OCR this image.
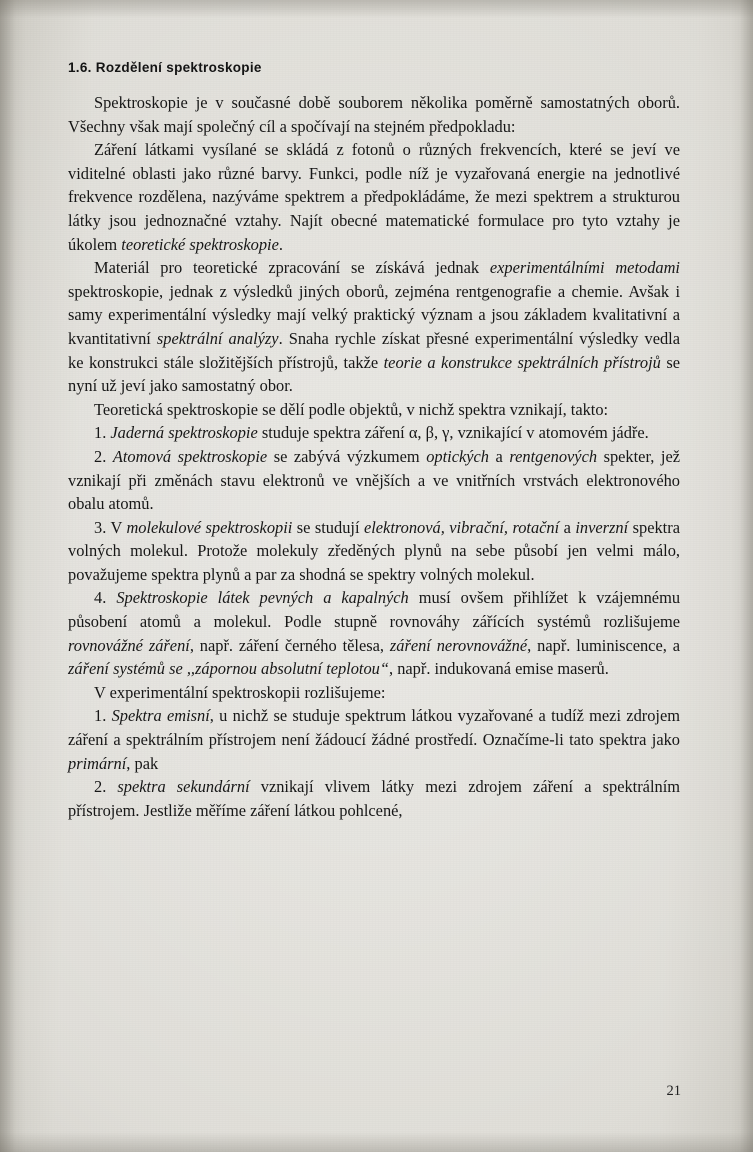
1.6. Rozdělení spektroskopie

Spektroskopie je v současné době souborem několika poměrně samostatných oborů. Všechny však mají společný cíl a spočívají na stejném předpokladu:

Záření látkami vysílané se skládá z fotonů o různých frekvencích, které se jeví ve viditelné oblasti jako různé barvy. Funkci, podle níž je vyzařovaná energie na jednotlivé frekvence rozdělena, nazýváme spektrem a předpokládáme, že mezi spektrem a strukturou látky jsou jednoznačné vztahy. Najít obecné matematické formulace pro tyto vztahy je úkolem teoretické spektroskopie.

Materiál pro teoretické zpracování se získává jednak experimentálními metodami spektroskopie, jednak z výsledků jiných oborů, zejména rentgenografie a chemie. Avšak i samy experimentální výsledky mají velký praktický význam a jsou základem kvalitativní a kvantitativní spektrální analýzy. Snaha rychle získat přesné experimentální výsledky vedla ke konstrukci stále složitějších přístrojů, takže teorie a konstrukce spektrálních přístrojů se nyní už jeví jako samostatný obor.

Teoretická spektroskopie se dělí podle objektů, v nichž spektra vznikají, takto:

1. Jaderná spektroskopie studuje spektra záření α, β, γ, vznikající v atomovém jádře.

2. Atomová spektroskopie se zabývá výzkumem optických a rentgenových spekter, jež vznikají při změnách stavu elektronů ve vnějších a ve vnitřních vrstvách elektronového obalu atomů.

3. V molekulové spektroskopii se studují elektronová, vibrační, rotační a inverzní spektra volných molekul. Protože molekuly zředěných plynů na sebe působí jen velmi málo, považujeme spektra plynů a par za shodná se spektry volných molekul.

4. Spektroskopie látek pevných a kapalných musí ovšem přihlížet k vzájemnému působení atomů a molekul. Podle stupně rovnováhy zářících systémů rozlišujeme rovnovážné záření, např. záření černého tělesa, záření nerovnovážné, např. luminiscence, a záření systémů se ,,zápornou absolutní teplotou“, např. indukovaná emise maserů.

V experimentální spektroskopii rozlišujeme:

1. Spektra emisní, u nichž se studuje spektrum látkou vyzařované a tudíž mezi zdrojem záření a spektrálním přístrojem není žádoucí žádné prostředí. Označíme-li tato spektra jako primární, pak

2. spektra sekundární vznikají vlivem látky mezi zdrojem záření a spektrálním přístrojem. Jestliže měříme záření látkou pohlcené,

21
